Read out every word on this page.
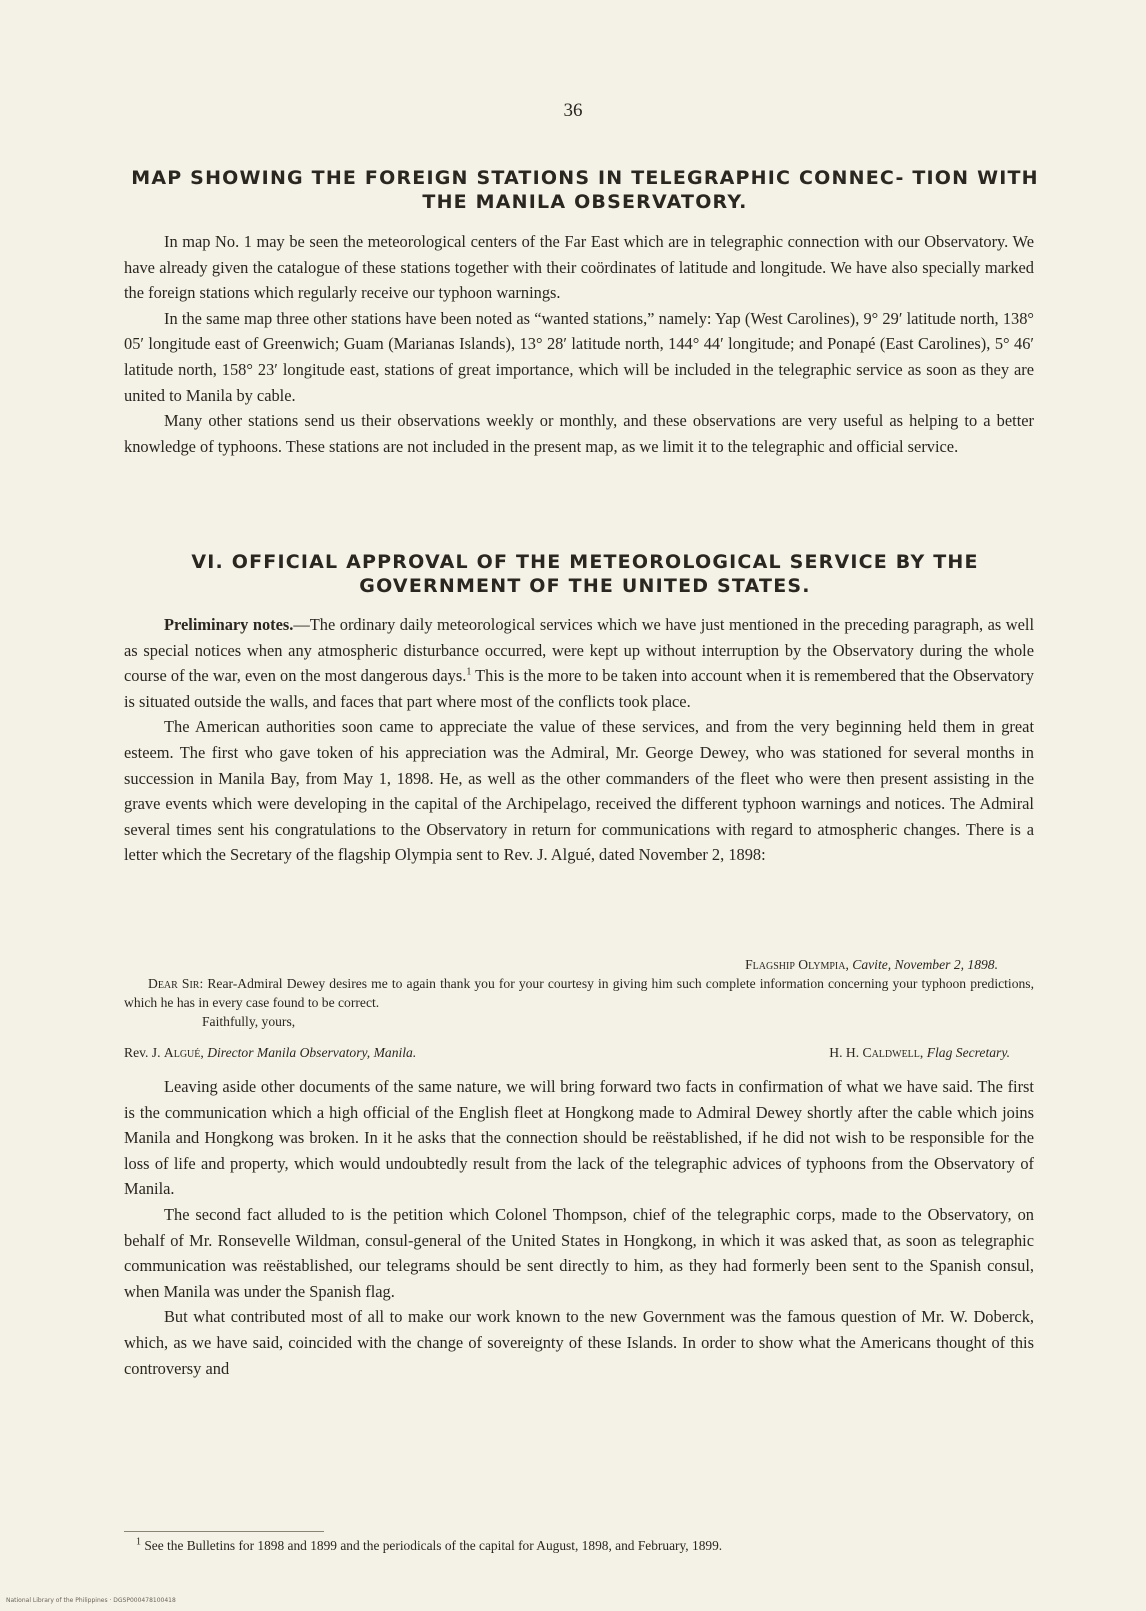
36
MAP SHOWING THE FOREIGN STATIONS IN TELEGRAPHIC CONNEC- TION WITH THE MANILA OBSERVATORY.

In map No. 1 may be seen the meteorological centers of the Far East which are in telegraphic connection with our Observatory. We have already given the catalogue of these stations together with their coördinates of latitude and longitude. We have also specially marked the foreign stations which regularly receive our typhoon warnings.

In the same map three other stations have been noted as “wanted stations,” namely: Yap (West Carolines), 9° 29′ latitude north, 138° 05′ longitude east of Greenwich; Guam (Marianas Islands), 13° 28′ latitude north, 144° 44′ longitude; and Ponapé (East Carolines), 5° 46′ latitude north, 158° 23′ longitude east, stations of great importance, which will be included in the telegraphic service as soon as they are united to Manila by cable.

Many other stations send us their observations weekly or monthly, and these observations are very useful as helping to a better knowledge of typhoons. These stations are not included in the present map, as we limit it to the telegraphic and official service.

VI. OFFICIAL APPROVAL OF THE METEOROLOGICAL SERVICE BY THE GOVERNMENT OF THE UNITED STATES.

Preliminary notes.—The ordinary daily meteorological services which we have just mentioned in the preceding paragraph, as well as special notices when any atmospheric disturbance occurred, were kept up without interruption by the Observatory during the whole course of the war, even on the most dangerous days.$^1$ This is the more to be taken into account when it is remembered that the Observatory is situated outside the walls, and faces that part where most of the conflicts took place.

The American authorities soon came to appreciate the value of these services, and from the very beginning held them in great esteem. The first who gave token of his appreciation was the Admiral, Mr. George Dewey, who was stationed for several months in succession in Manila Bay, from May 1, 1898. He, as well as the other commanders of the fleet who were then present assisting in the grave events which were developing in the capital of the Archipelago, received the different typhoon warnings and notices. The Admiral several times sent his congratulations to the Observatory in return for communications with regard to atmospheric changes. There is a letter which the Secretary of the flagship Olympia sent to Rev. J. Algué, dated November 2, 1898:

Flagship Olympia, Cavite, November 2, 1898.

Dear Sir: Rear-Admiral Dewey desires me to again thank you for your courtesy in giving him such complete information concerning your typhoon predictions, which he has in every case found to be correct.

Faithfully, yours,

Rev. J. Algué, Director Manila Observatory, Manila.	H. H. Caldwell, Flag Secretary.

Leaving aside other documents of the same nature, we will bring forward two facts in confirmation of what we have said. The first is the communication which a high official of the English fleet at Hongkong made to Admiral Dewey shortly after the cable which joins Manila and Hongkong was broken. In it he asks that the connection should be reëstablished, if he did not wish to be responsible for the loss of life and property, which would undoubtedly result from the lack of the telegraphic advices of typhoons from the Observatory of Manila.

The second fact alluded to is the petition which Colonel Thompson, chief of the telegraphic corps, made to the Observatory, on behalf of Mr. Ronsevelle Wildman, consul-general of the United States in Hongkong, in which it was asked that, as soon as telegraphic communication was reëstablished, our telegrams should be sent directly to him, as they had formerly been sent to the Spanish consul, when Manila was under the Spanish flag.

But what contributed most of all to make our work known to the new Government was the famous question of Mr. W. Doberck, which, as we have said, coincided with the change of sovereignty of these Islands. In order to show what the Americans thought of this controversy and

$^1$ See the Bulletins for 1898 and 1899 and the periodicals of the capital for August, 1898, and February, 1899.

National Library of the Philippines · DGSP000478100418
